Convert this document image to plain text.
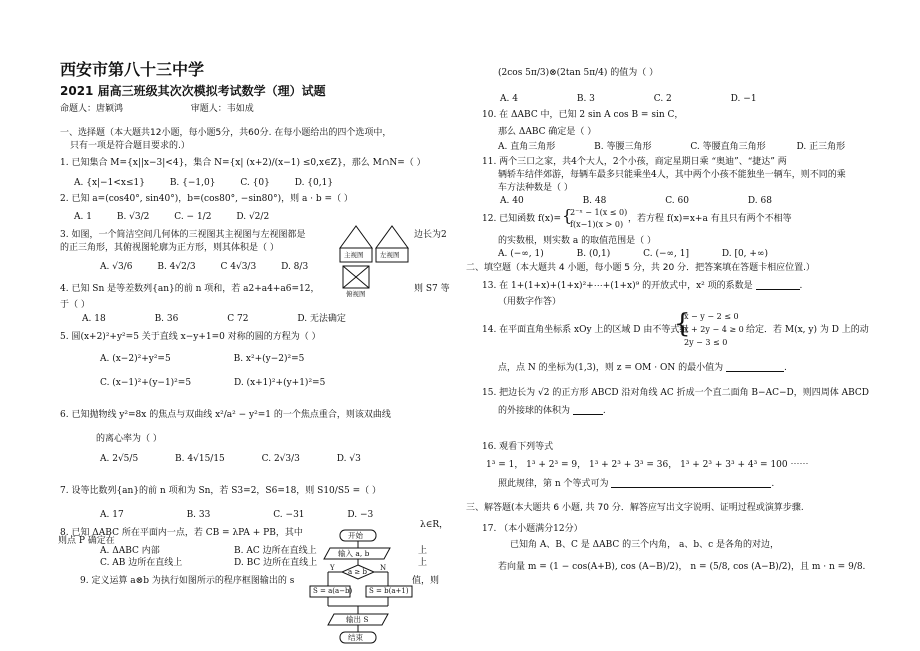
西安市第八十三中学
2021 届高三班级其次次模拟考试数学（理）试题
命题人：唐颖鸿	审题人：韦如成
一、选择题（本大题共12小题，每小题5分，共60分. 在每小题给出的四个选项中，
只有一项是符合题目要求的.）
1. 已知集合 M={x||x−3|<4}，集合 N={x| (x+2)/(x−1) ≤0,x∈Z}，那么 M∩N=（ ）
A. {x|−1<x≤1}	B. {−1,0}	C. {0}	D. {0,1}
2. 已知 a=(cos40°, sin40°)，b=(cos80°, −sin80°)，则 a · b =（ ）
A. 1	B. √3/2	C. − 1/2	D. √2/2
3. 如图，一个简洁空间几何体的三视图其主视图与左视图都是	边长为2
的正三角形，其俯视图轮廓为正方形，则其体积是（ ）
A. √3/6	B. 4√2/3	C 4√3/3	D. 8/3
主视图	左视图
俯视图
4. 已知 Sn 是等差数列{an}的前 n 项和，若 a2+a4+a6=12，	则 S7 等
于（ ）
A. 18	B. 36	C 72	D. 无法确定
5. 圆(x+2)²+y²=5 关于直线 x−y+1=0 对称的圆的方程为（ ）
A. (x−2)²+y²=5	B. x²+(y−2)²=5
C. (x−1)²+(y−1)²=5	D. (x+1)²+(y+1)²=5
6. 已知抛物线 y²=8x 的焦点与双曲线 x²/a² − y²=1 的一个焦点重合，则该双曲线
的离心率为（ ）
A. 2√5/5	B. 4√15/15	C. 2√3/3	D. √3
7. 设等比数列{an}的前 n 项和为 Sn，若 S3=2，S6=18，则 S10/S5 =（ ）
A. 17	B. 33	C. −31	D. −3
8. 已知 ΔABC 所在平面内一点，若 CB = λPA + PB，其中
λ∈R，
则点 P 确定在
A. ΔABC 内部	B. AC 边所在直线上	上
C. AB 边所在直线上	D. BC 边所在直线上	上
9. 定义运算 a⊗b 为执行如图所示的程序框图输出的 s	值，则
开始
输入 a, b
a ≥ b
Y	N
S = a(a−b) S = b(a+1)
输出 S
结束
(2cos 5π/3)⊗(2tan 5π/4) 的值为（ ）
A. 4	B. 3	C. 2	D. −1
10. 在 ΔABC 中，已知 2 sin A cos B = sin C，
那么 ΔABC 确定是（ ）
A. 直角三角形	B. 等腰三角形	C. 等腰直角三角形	D. 正三角形
11. 两个三口之家，共4个大人，2个小孩，商定星期日乘 “奥迪”、“捷达” 两
辆轿车结伴郊游，每辆车最多只能乘坐4人，其中两个小孩不能独坐一辆车，则不同的乘
车方法种数是（ ）
A. 40	B. 48	C. 60	D. 68
12. 已知函数 f(x)= {
2⁻ˣ − 1(x ≤ 0)
f(x−1)(x > 0)
，若方程 f(x)=x+a 有且只有两个不相等
的实数根，则实数 a 的取值范围是（ ）
A. (−∞, 1)	B. (0,1)	C. (−∞, 1]	D. [0, +∞)
二、填空题（本大题共 4 小题，每小题 5 分，共 20 分．把答案填在答题卡相应位置.）
13. 在 1+(1+x)+(1+x)²+⋯+(1+x)⁹ 的开放式中，x² 项的系数是	.
（用数字作答）
14. 在平面直角坐标系 xOy 上的区域 D 由不等式组
{
x − y − 2 ≤ 0
x + 2y − 4 ≥ 0
2y − 3 ≤ 0
给定．若 M(x, y) 为 D 上的动
点，点 N 的坐标为(1,3)，则 z = OM · ON 的最小值为	.
15. 把边长为 √2 的正方形 ABCD 沿对角线 AC 折成一个直二面角 B−AC−D，则四周体 ABCD
的外接球的体积为	.
16. 观看下列等式
1³ = 1， 1³ + 2³ = 9， 1³ + 2³ + 3³ = 36， 1³ + 2³ + 3³ + 4³ = 100 ⋯⋯
照此规律，第 n 个等式可为	.
三、解答题(本大题共 6 小题, 共 70 分．解答应写出文字说明、证明过程或演算步骤.
17. （本小题满分12分）
已知角 A、B、C 是 ΔABC 的三个内角， a、b、c 是各角的对边，
若向量 m = (1 − cos(A+B), cos (A−B)/2)， n = (5/8, cos (A−B)/2)，且 m · n = 9/8.
